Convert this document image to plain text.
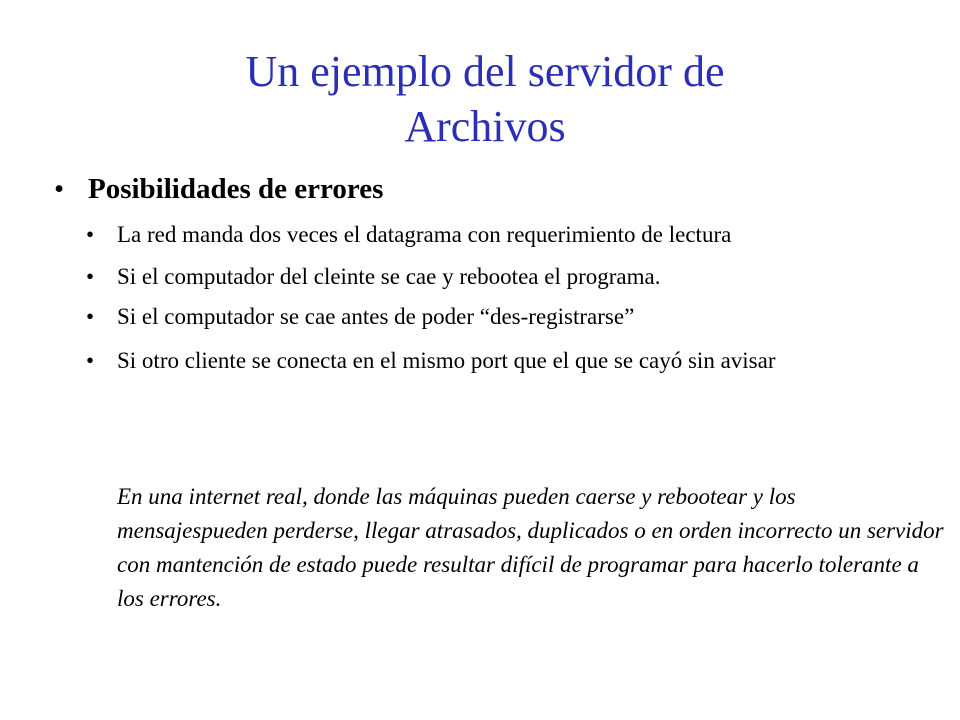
Un ejemplo del servidor de
Archivos
• Posibilidades de errores
• La red manda dos veces el datagrama con requerimiento de lectura
• Si el computador del cleinte se cae y rebootea el programa.
• Si el computador se cae antes de poder “des-registrarse”
• Si otro cliente se conecta en el mismo port que el que se cayó sin avisar

En una internet real, donde las máquinas pueden caerse y rebootear y los mensajespueden perderse, llegar atrasados, duplicados o en orden incorrecto un servidor con mantención de estado puede resultar difícil de programar para hacerlo tolerante a los errores.
